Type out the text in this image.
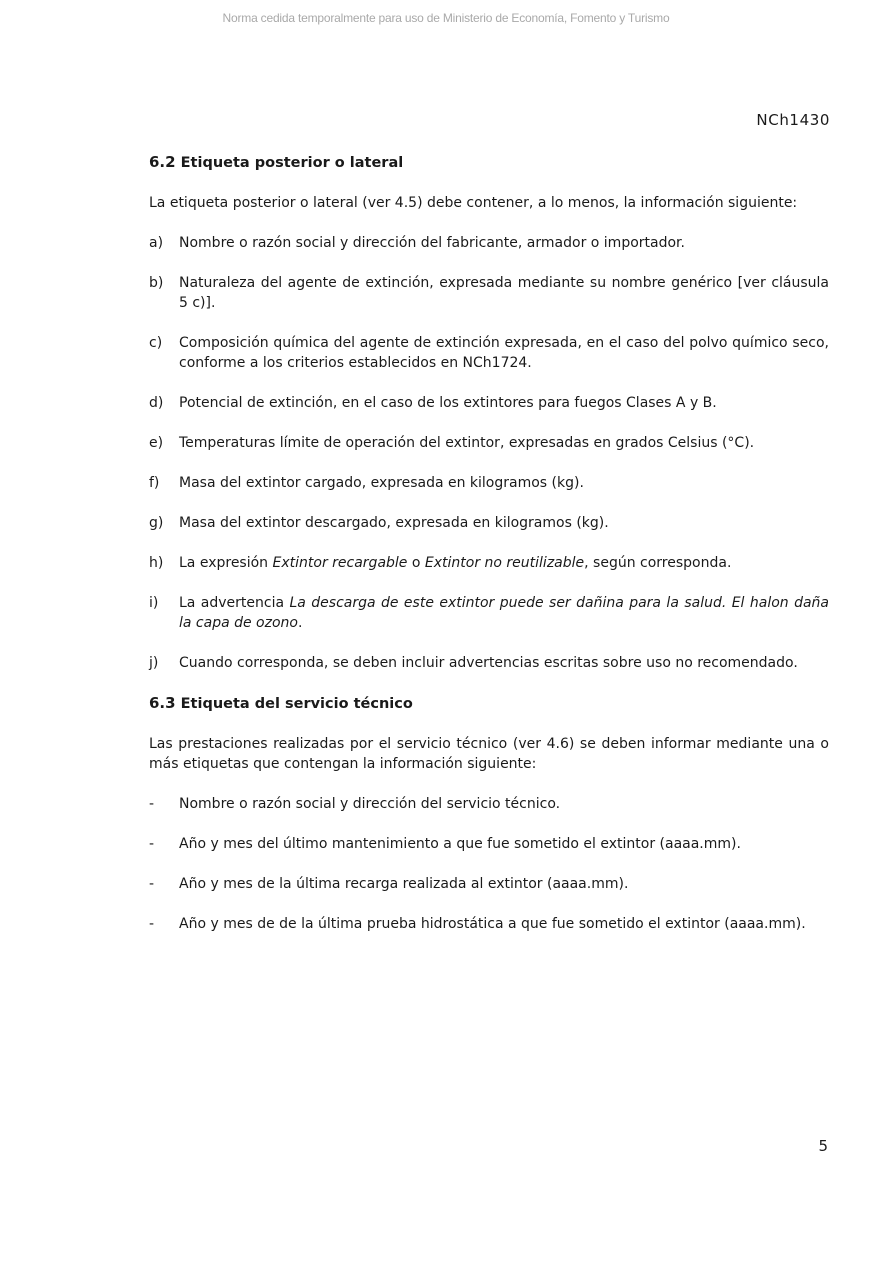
Norma cedida temporalmente para uso de Ministerio de Economía, Fomento y Turismo
NCh1430
6.2 Etiqueta posterior o lateral
La etiqueta posterior o lateral (ver 4.5) debe contener, a lo menos, la información siguiente:
a)	Nombre o razón social y dirección del fabricante, armador o importador.
b)	Naturaleza del agente de extinción, expresada mediante su nombre genérico [ver cláusula 5 c)].
c)	Composición química del agente de extinción expresada, en el caso del polvo químico seco, conforme a los criterios establecidos en NCh1724.
d)	Potencial de extinción, en el caso de los extintores para fuegos Clases A y B.
e)	Temperaturas límite de operación del extintor, expresadas en grados Celsius (°C).
f)	Masa del extintor cargado, expresada en kilogramos (kg).
g)	Masa del extintor descargado, expresada en kilogramos (kg).
h)	La expresión Extintor recargable o Extintor no reutilizable, según corresponda.
i)	La advertencia La descarga de este extintor puede ser dañina para la salud. El halon daña la capa de ozono.
j)	Cuando corresponda, se deben incluir advertencias escritas sobre uso no recomendado.
6.3 Etiqueta del servicio técnico
Las prestaciones realizadas por el servicio técnico (ver 4.6) se deben informar mediante una o más etiquetas que contengan la información siguiente:
-	Nombre o razón social y dirección del servicio técnico.
-	Año y mes del último mantenimiento a que fue sometido el extintor (aaaa.mm).
-	Año y mes de la última recarga realizada al extintor (aaaa.mm).
-	Año y mes de de la última prueba hidrostática a que fue sometido el extintor (aaaa.mm).
5
